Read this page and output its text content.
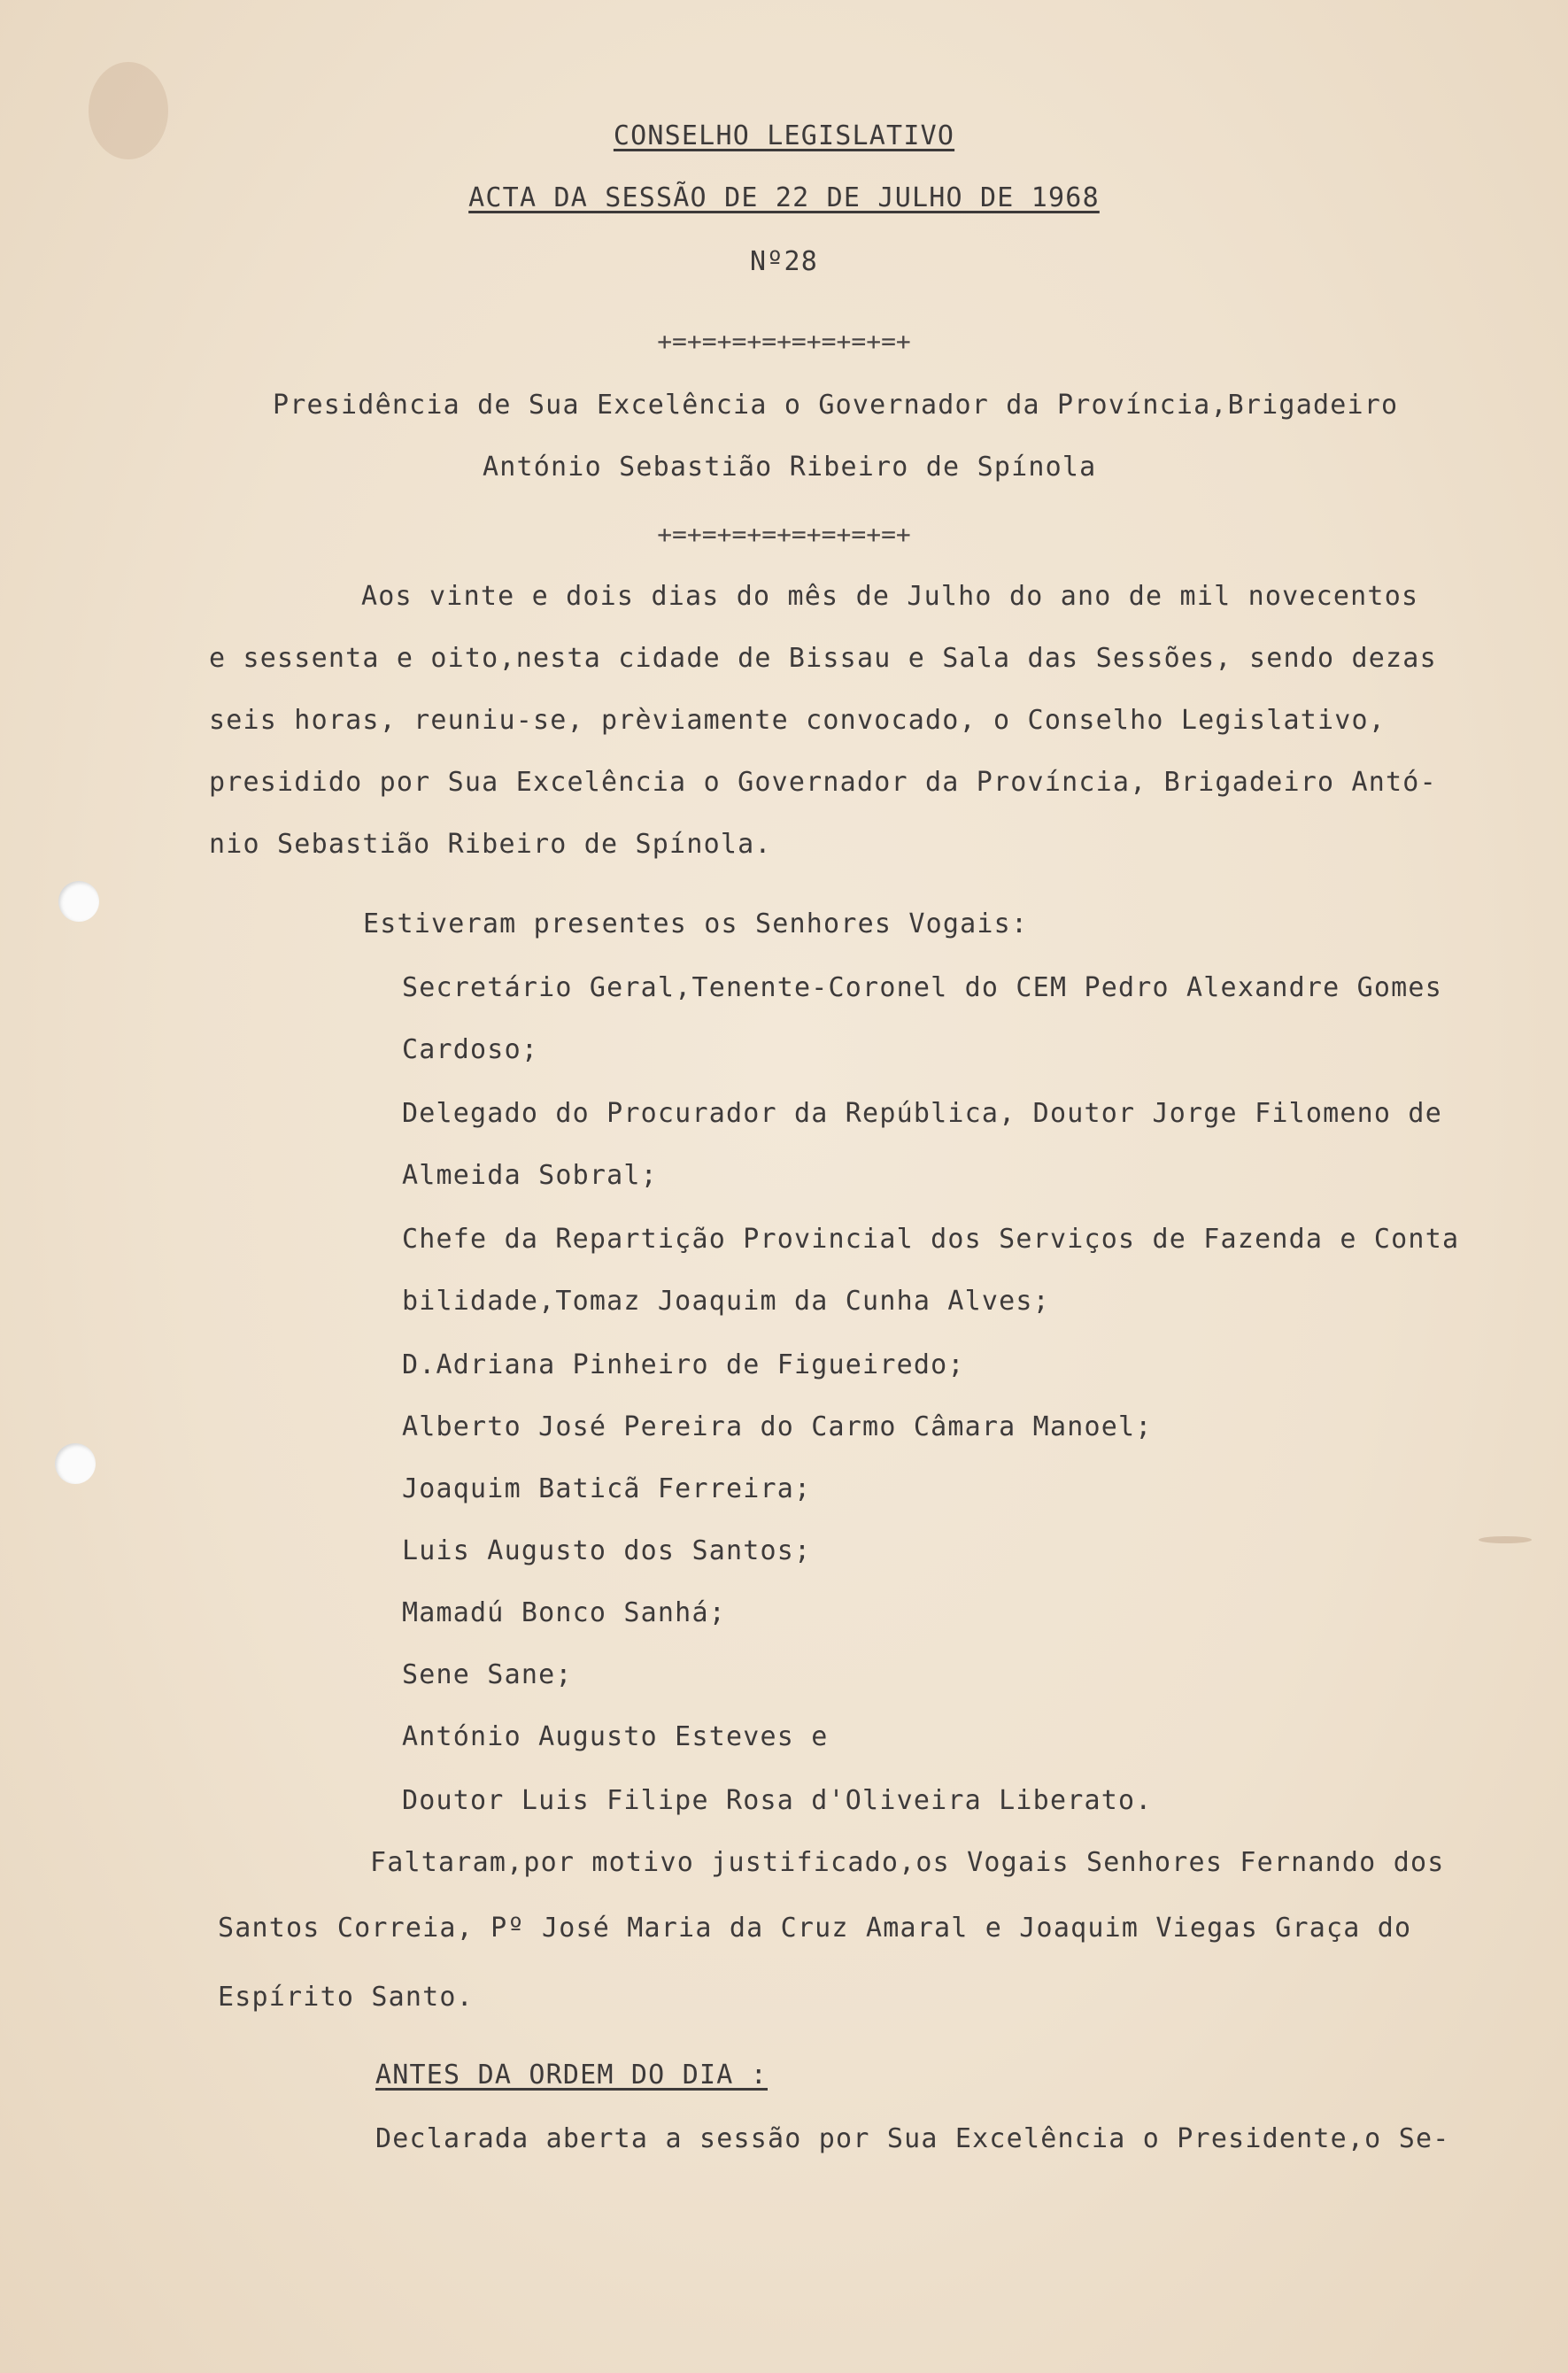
CONSELHO LEGISLATIVO
ACTA DA SESSÃO DE 22 DE JULHO DE 1968
Nº28
+=+=+=+=+=+=+=+=+
Presidência de Sua Excelência o Governador da Província,Brigadeiro
António Sebastião Ribeiro de Spínola
+=+=+=+=+=+=+=+=+
Aos vinte e dois dias do mês de Julho do ano de mil novecentos
e sessenta e oito,nesta cidade de Bissau e Sala das Sessões, sendo dezas
seis horas, reuniu-se, prèviamente convocado, o Conselho Legislativo,
presidido por Sua Excelência o Governador da Província, Brigadeiro Antó-
nio Sebastião Ribeiro de Spínola.
Estiveram presentes os Senhores Vogais:
Secretário Geral,Tenente-Coronel do CEM Pedro Alexandre Gomes
Cardoso;
Delegado do Procurador da República, Doutor Jorge Filomeno de
Almeida Sobral;
Chefe da Repartição Provincial dos Serviços de Fazenda e Conta
bilidade,Tomaz Joaquim da Cunha Alves;
D.Adriana Pinheiro de Figueiredo;
Alberto José Pereira do Carmo Câmara Manoel;
Joaquim Baticã Ferreira;
Luis Augusto dos Santos;
Mamadú Bonco Sanhá;
Sene Sane;
António Augusto Esteves e
Doutor Luis Filipe Rosa d'Oliveira Liberato.
Faltaram,por motivo justificado,os Vogais Senhores Fernando dos
Santos Correia, Pº José Maria da Cruz Amaral e Joaquim Viegas Graça do
Espírito Santo.
ANTES DA ORDEM DO DIA :
Declarada aberta a sessão por Sua Excelência o Presidente,o Se-
